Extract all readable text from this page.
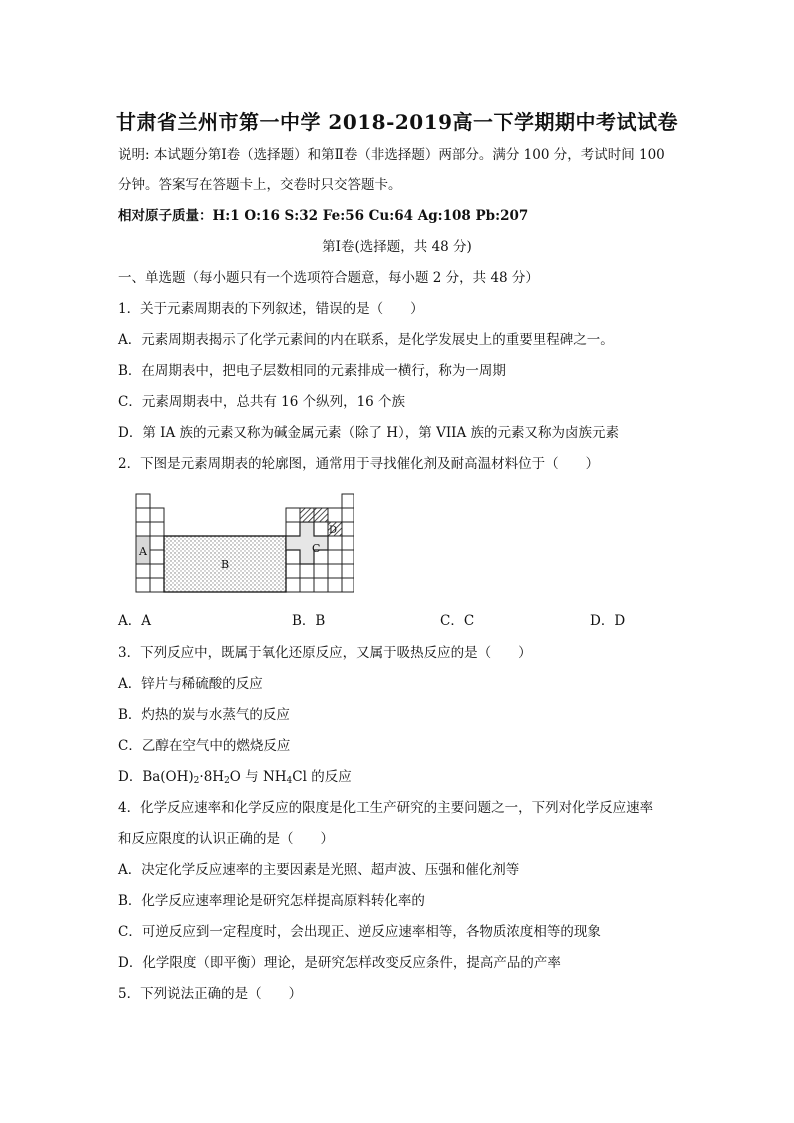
甘肃省兰州市第一中学 2018-2019高一下学期期中考试试卷
说明: 本试题分第Ⅰ卷（选择题）和第Ⅱ卷（非选择题）两部分。满分 100 分，考试时间 100
分钟。答案写在答题卡上，交卷时只交答题卡。
相对原子质量：H:1 O:16 S:32 Fe:56 Cu:64 Ag:108 Pb:207
第Ⅰ卷(选择题，共 48 分)
一、单选题（每小题只有一个选项符合题意，每小题 2 分，共 48 分）
1．关于元素周期表的下列叙述，错误的是（　　）
A．元素周期表揭示了化学元素间的内在联系，是化学发展史上的重要里程碑之一。
B．在周期表中，把电子层数相同的元素排成一横行，称为一周期
C．元素周期表中，总共有 16 个纵列，16 个族
D．第 IA 族的元素又称为碱金属元素（除了 H），第 VIIA 族的元素又称为卤族元素
2．下图是元素周期表的轮廓图，通常用于寻找催化剂及耐高温材料位于（　　）
A
B
C
D
A．A	B．B	C．C	D．D
3．下列反应中，既属于氧化还原反应，又属于吸热反应的是（　　）
A．锌片与稀硫酸的反应
B．灼热的炭与水蒸气的反应
C．乙醇在空气中的燃烧反应
D．$Ba(OH)_2\cdot 8H_2O$ 与 $NH_4Cl$ 的反应
4．化学反应速率和化学反应的限度是化工生产研究的主要问题之一，下列对化学反应速率
和反应限度的认识正确的是（　　）
A．决定化学反应速率的主要因素是光照、超声波、压强和催化剂等
B．化学反应速率理论是研究怎样提高原料转化率的
C．可逆反应到一定程度时，会出现正、逆反应速率相等，各物质浓度相等的现象
D．化学限度（即平衡）理论，是研究怎样改变反应条件，提高产品的产率
5．下列说法正确的是（　　）
